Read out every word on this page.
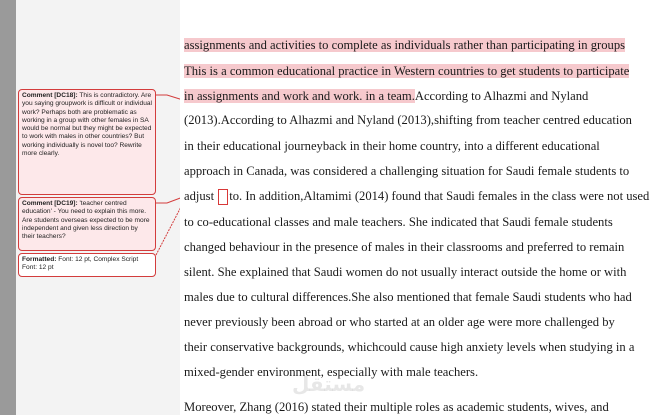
Comment [DC18]: This is contradictory. Are you saying groupwork is difficult or individual work? Perhaps both are problematic as working in a group with other females in SA would be normal but they might be expected to work with males in other countries? But working individually is novel too? Rewrite more clearly.
Comment [DC19]: 'teacher centred education' - You need to explain this more. Are students overseas expected to be more independent and given less direction by their teachers?
Formatted: Font: 12 pt, Complex Script Font: 12 pt
assignments and activities to complete as individuals rather than participating in groups
This is a common educational practice in Western countries to get students to participate
in assignments and work and work. in a team.According to Alhazmi and Nyland
(2013).According to Alhazmi and Nyland (2013),shifting from teacher centred education
in their educational journeyback in their home country, into a different educational
approach in Canada, was considered a challenging situation for Saudi female students to
adjust to. In addition,Altamimi (2014) found that Saudi females in the class were not used
to co-educational classes and male teachers. She indicated that Saudi female students
changed behaviour in the presence of males in their classrooms and preferred to remain
silent. She explained that Saudi women do not usually interact outside the home or with
males due to cultural differences.She also mentioned that female Saudi students who had
never previously been abroad or who started at an older age were more challenged by
their conservative backgrounds, whichcould cause high anxiety levels when studying in a
mixed-gender environment, especially with male teachers.
Moreover, Zhang (2016) stated their multiple roles as academic students, wives, and
مستقل
